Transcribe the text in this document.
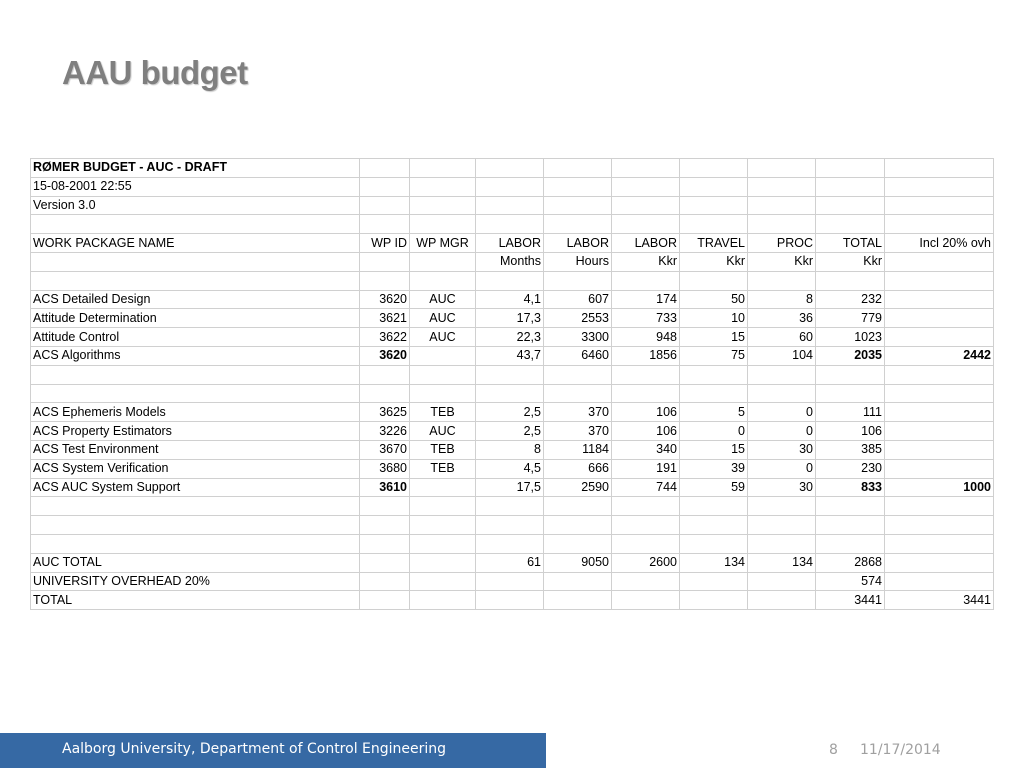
AAU budget
RØMER BUDGET - AUC - DRAFT									
15-08-2001 22:55									
Version 3.0									

WORK PACKAGE NAME	WP ID	WP MGR	LABOR	LABOR	LABOR	TRAVEL	PROC	TOTAL	Incl 20% ovh
			Months	Hours	Kkr	Kkr	Kkr	Kkr	

ACS Detailed Design	3620	AUC	4,1	607	174	50	8	232	
Attitude Determination	3621	AUC	17,3	2553	733	10	36	779	
Attitude Control	3622	AUC	22,3	3300	948	15	60	1023	
ACS Algorithms	3620		43,7	6460	1856	75	104	2035	2442

ACS Ephemeris Models	3625	TEB	2,5	370	106	5	0	111	
ACS Property Estimators	3226	AUC	2,5	370	106	0	0	106	
ACS Test Environment	3670	TEB	8	1184	340	15	30	385	
ACS System Verification	3680	TEB	4,5	666	191	39	0	230	
ACS AUC System Support	3610		17,5	2590	744	59	30	833	1000

AUC TOTAL			61	9050	2600	134	134	2868	
UNIVERSITY OVERHEAD 20%								574	
TOTAL								3441	3441
Aalborg University, Department of Control Engineering	8 11/17/2014
